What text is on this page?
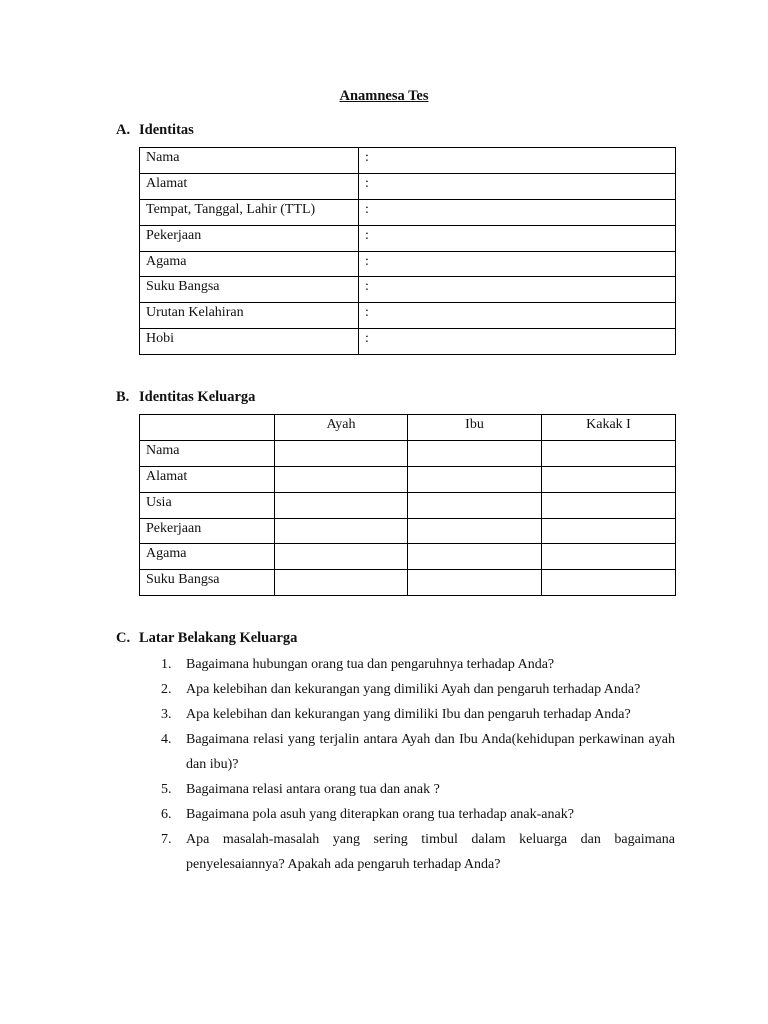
Anamnesa Tes
A. Identitas
Nama	:
Alamat	:
Tempat, Tanggal, Lahir (TTL)	:
Pekerjaan	:
Agama	:
Suku Bangsa	:
Urutan Kelahiran	:
Hobi	:
B. Identitas Keluarga
	Ayah	Ibu	Kakak I
Nama			
Alamat			
Usia			
Pekerjaan			
Agama			
Suku Bangsa			
C. Latar Belakang Keluarga
1. Bagaimana hubungan orang tua dan pengaruhnya terhadap Anda?
2. Apa kelebihan dan kekurangan yang dimiliki Ayah dan pengaruh terhadap Anda?
3. Apa kelebihan dan kekurangan yang dimiliki Ibu dan pengaruh terhadap Anda?
4. Bagaimana relasi yang terjalin antara Ayah dan Ibu Anda(kehidupan perkawinan ayah dan ibu)?
5. Bagaimana relasi antara orang tua dan anak ?
6. Bagaimana pola asuh yang diterapkan orang tua terhadap anak-anak?
7. Apa masalah-masalah yang sering timbul dalam keluarga dan bagaimana penyelesaiannya? Apakah ada pengaruh terhadap Anda?
